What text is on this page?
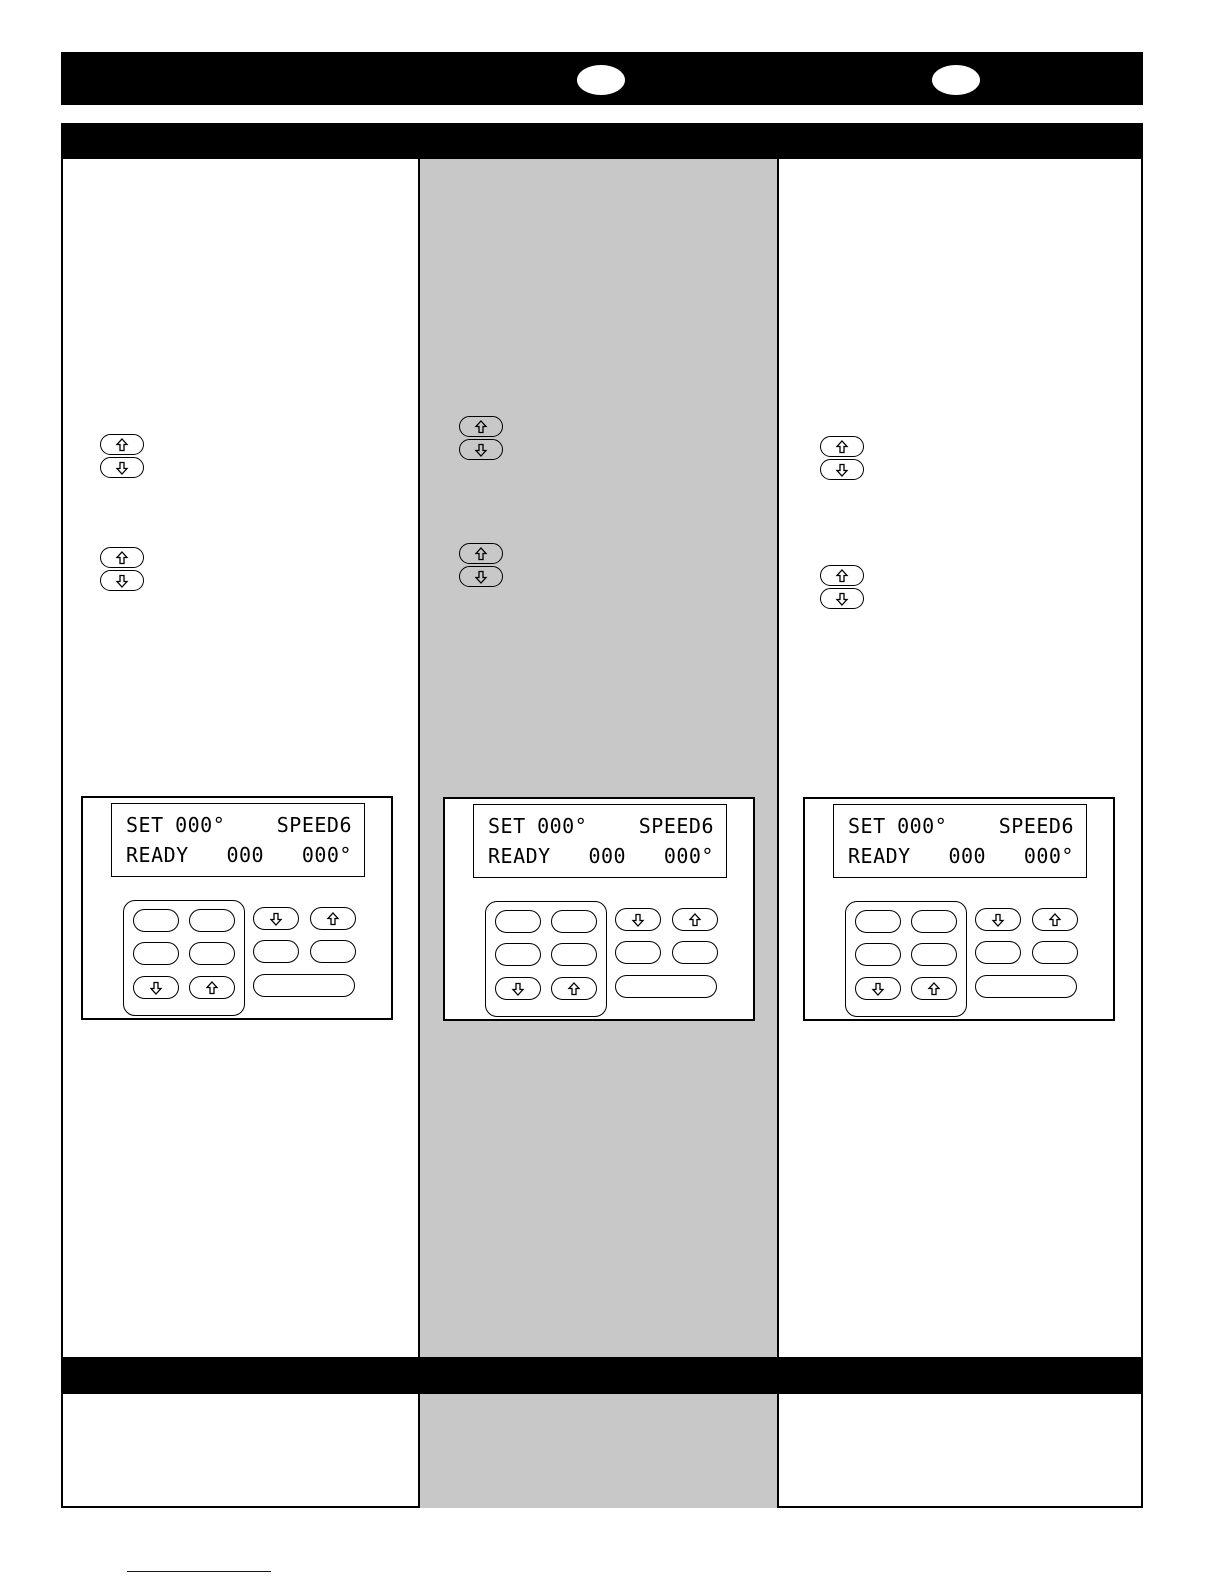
SET 000°	SPEED6
READY 000 000°
SET 000°	SPEED6
READY 000 000°
SET 000°	SPEED6
READY 000 000°
